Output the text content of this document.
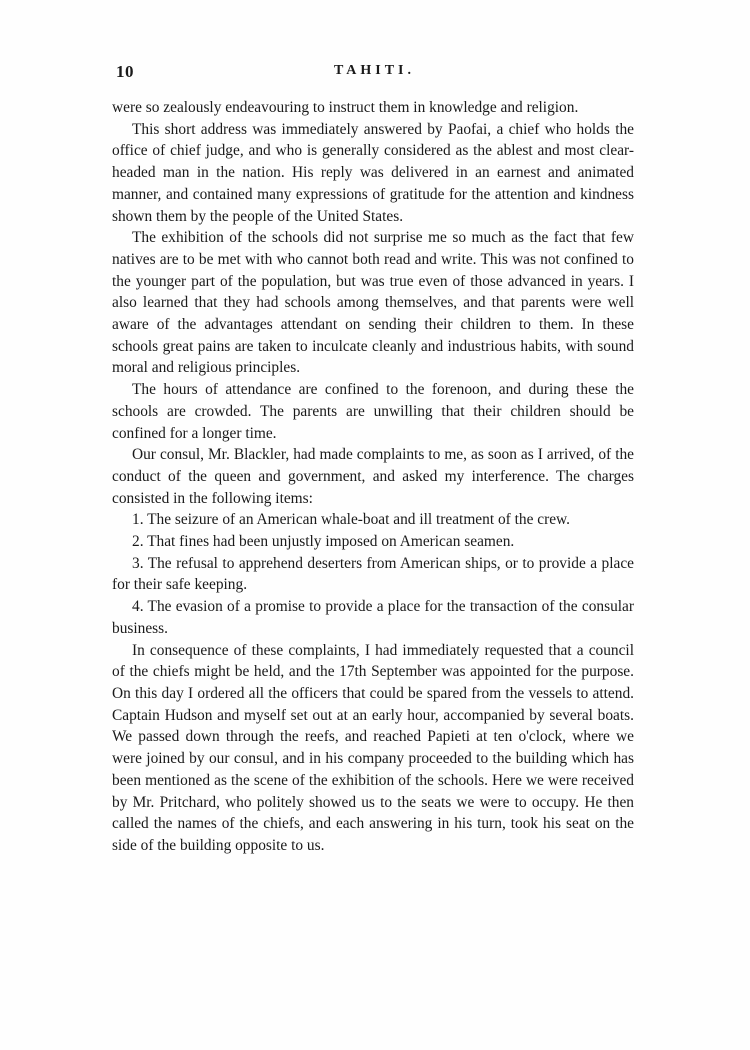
10	TAHITI.

were so zealously endeavouring to instruct them in knowledge and religion.

This short address was immediately answered by Paofai, a chief who holds the office of chief judge, and who is generally considered as the ablest and most clear-headed man in the nation. His reply was delivered in an earnest and animated manner, and contained many expressions of gratitude for the attention and kindness shown them by the people of the United States.

The exhibition of the schools did not surprise me so much as the fact that few natives are to be met with who cannot both read and write. This was not confined to the younger part of the population, but was true even of those advanced in years. I also learned that they had schools among themselves, and that parents were well aware of the advantages attendant on sending their children to them. In these schools great pains are taken to inculcate cleanly and industrious habits, with sound moral and religious principles.

The hours of attendance are confined to the forenoon, and during these the schools are crowded. The parents are unwilling that their children should be confined for a longer time.

Our consul, Mr. Blackler, had made complaints to me, as soon as I arrived, of the conduct of the queen and government, and asked my interference. The charges consisted in the following items:

1. The seizure of an American whale-boat and ill treatment of the crew.

2. That fines had been unjustly imposed on American seamen.

3. The refusal to apprehend deserters from American ships, or to provide a place for their safe keeping.

4. The evasion of a promise to provide a place for the transaction of the consular business.

In consequence of these complaints, I had immediately requested that a council of the chiefs might be held, and the 17th September was appointed for the purpose. On this day I ordered all the officers that could be spared from the vessels to attend. Captain Hudson and myself set out at an early hour, accompanied by several boats. We passed down through the reefs, and reached Papieti at ten o'clock, where we were joined by our consul, and in his company proceeded to the building which has been mentioned as the scene of the exhibition of the schools. Here we were received by Mr. Pritchard, who politely showed us to the seats we were to occupy. He then called the names of the chiefs, and each answering in his turn, took his seat on the side of the building opposite to us.
